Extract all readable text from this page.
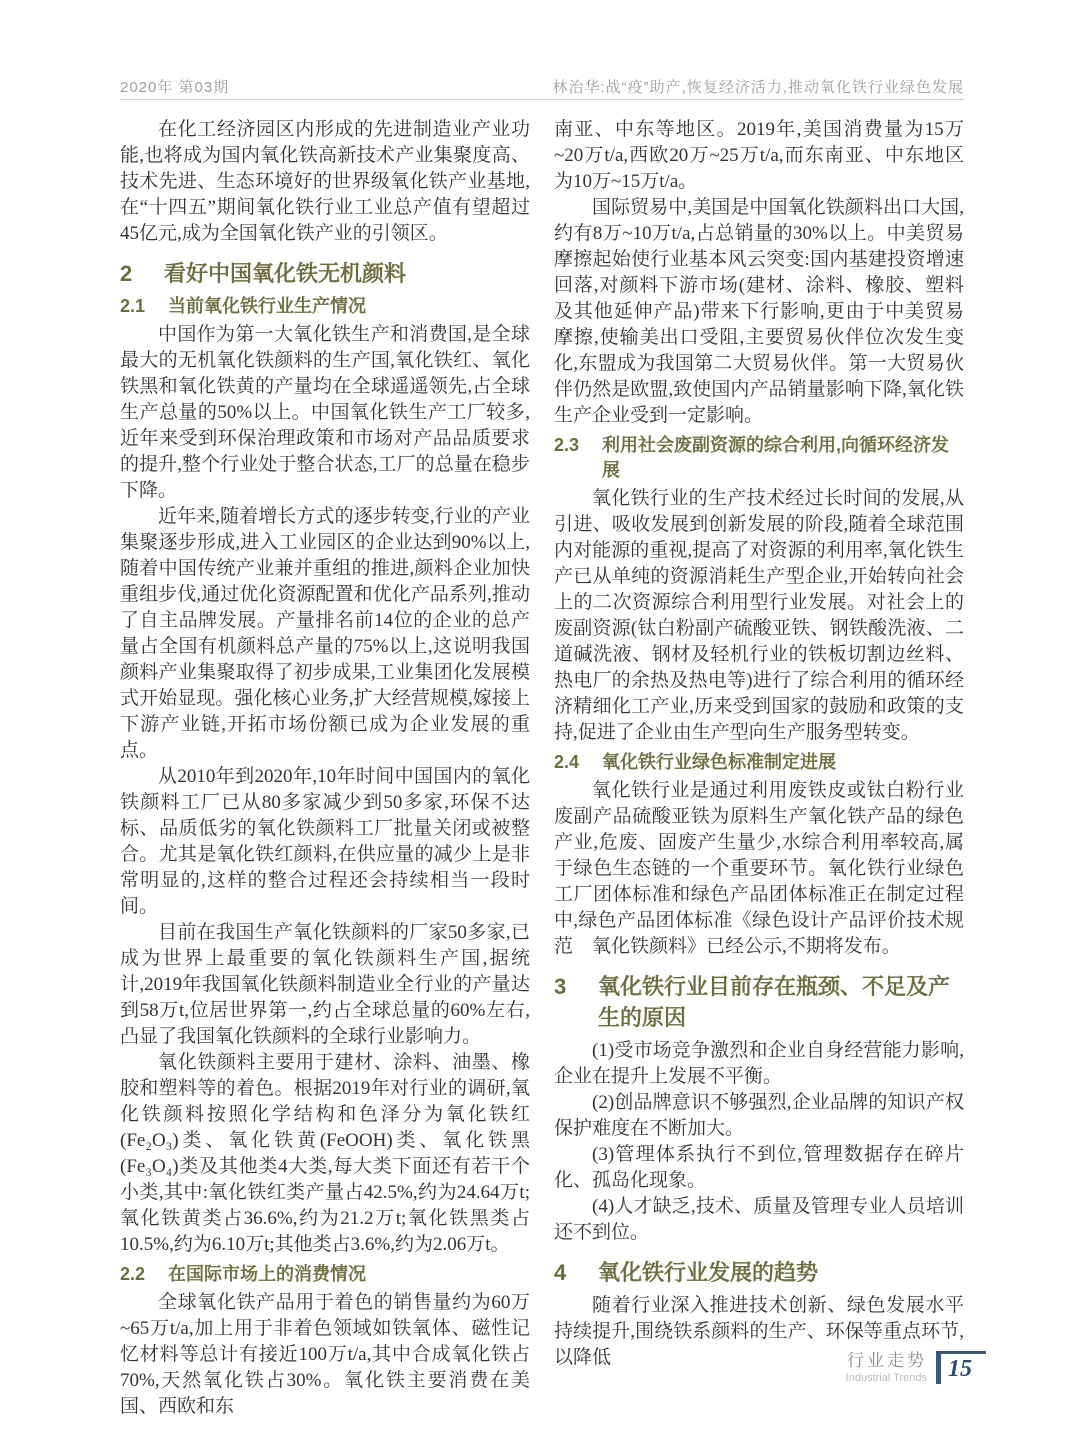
2020年 第03期	林治华:战“疫”助产,恢复经济活力,推动氧化铁行业绿色发展

在化工经济园区内形成的先进制造业产业功能,也将成为国内氧化铁高新技术产业集聚度高、技术先进、生态环境好的世界级氧化铁产业基地,在“十四五”期间氧化铁行业工业总产值有望超过45亿元,成为全国氧化铁产业的引领区。

2	看好中国氧化铁无机颜料
2.1	当前氧化铁行业生产情况

中国作为第一大氧化铁生产和消费国,是全球最大的无机氧化铁颜料的生产国,氧化铁红、氧化铁黑和氧化铁黄的产量均在全球遥遥领先,占全球生产总量的50%以上。中国氧化铁生产工厂较多,近年来受到环保治理政策和市场对产品品质要求的提升,整个行业处于整合状态,工厂的总量在稳步下降。

近年来,随着增长方式的逐步转变,行业的产业集聚逐步形成,进入工业园区的企业达到90%以上,随着中国传统产业兼并重组的推进,颜料企业加快重组步伐,通过优化资源配置和优化产品系列,推动了自主品牌发展。产量排名前14位的企业的总产量占全国有机颜料总产量的75%以上,这说明我国颜料产业集聚取得了初步成果,工业集团化发展模式开始显现。强化核心业务,扩大经营规模,嫁接上下游产业链,开拓市场份额已成为企业发展的重点。

从2010年到2020年,10年时间中国国内的氧化铁颜料工厂已从80多家减少到50多家,环保不达标、品质低劣的氧化铁颜料工厂批量关闭或被整合。尤其是氧化铁红颜料,在供应量的减少上是非常明显的,这样的整合过程还会持续相当一段时间。

目前在我国生产氧化铁颜料的厂家50多家,已成为世界上最重要的氧化铁颜料生产国,据统计,2019年我国氧化铁颜料制造业全行业的产量达到58万t,位居世界第一,约占全球总量的60%左右,凸显了我国氧化铁颜料的全球行业影响力。

氧化铁颜料主要用于建材、涂料、油墨、橡胶和塑料等的着色。根据2019年对行业的调研,氧化铁颜料按照化学结构和色泽分为氧化铁红(Fe₂O₃)类、氧化铁黄(FeOOH)类、氧化铁黑(Fe₃O₄)类及其他类4大类,每大类下面还有若干个小类,其中:氧化铁红类产量占42.5%,约为24.64万t;氧化铁黄类占36.6%,约为21.2万t;氧化铁黑类占10.5%,约为6.10万t;其他类占3.6%,约为2.06万t。

2.2	在国际市场上的消费情况

全球氧化铁产品用于着色的销售量约为60万~65万t/a,加上用于非着色领域如铁氧体、磁性记忆材料等总计有接近100万t/a,其中合成氧化铁占70%,天然氧化铁占30%。氧化铁主要消费在美国、西欧和东

南亚、中东等地区。2019年,美国消费量为15万~20万t/a,西欧20万~25万t/a,而东南亚、中东地区为10万~15万t/a。

国际贸易中,美国是中国氧化铁颜料出口大国,约有8万~10万t/a,占总销量的30%以上。中美贸易摩擦起始使行业基本风云突变:国内基建投资增速回落,对颜料下游市场(建材、涂料、橡胶、塑料及其他延伸产品)带来下行影响,更由于中美贸易摩擦,使输美出口受阻,主要贸易伙伴位次发生变化,东盟成为我国第二大贸易伙伴。第一大贸易伙伴仍然是欧盟,致使国内产品销量影响下降,氧化铁生产企业受到一定影响。

2.3	利用社会废副资源的综合利用,向循环经济发展

氧化铁行业的生产技术经过长时间的发展,从引进、吸收发展到创新发展的阶段,随着全球范围内对能源的重视,提高了对资源的利用率,氧化铁生产已从单纯的资源消耗生产型企业,开始转向社会上的二次资源综合利用型行业发展。对社会上的废副资源(钛白粉副产硫酸亚铁、钢铁酸洗液、二道碱洗液、钢材及轻机行业的铁板切割边丝料、热电厂的余热及热电等)进行了综合利用的循环经济精细化工产业,历来受到国家的鼓励和政策的支持,促进了企业由生产型向生产服务型转变。

2.4	氧化铁行业绿色标准制定进展

氧化铁行业是通过利用废铁皮或钛白粉行业废副产品硫酸亚铁为原料生产氧化铁产品的绿色产业,危废、固废产生量少,水综合利用率较高,属于绿色生态链的一个重要环节。氧化铁行业绿色工厂团体标准和绿色产品团体标准正在制定过程中,绿色产品团体标准《绿色设计产品评价技术规范　氧化铁颜料》已经公示,不期将发布。

3	氧化铁行业目前存在瓶颈、不足及产生的原因

(1)受市场竞争激烈和企业自身经营能力影响,企业在提升上发展不平衡。

(2)创品牌意识不够强烈,企业品牌的知识产权保护难度在不断加大。

(3)管理体系执行不到位,管理数据存在碎片化、孤岛化现象。

(4)人才缺乏,技术、质量及管理专业人员培训还不到位。

4	氧化铁行业发展的趋势

随着行业深入推进技术创新、绿色发展水平持续提升,围绕铁系颜料的生产、环保等重点环节,以降低	行业走势
Industrial Trends 15
